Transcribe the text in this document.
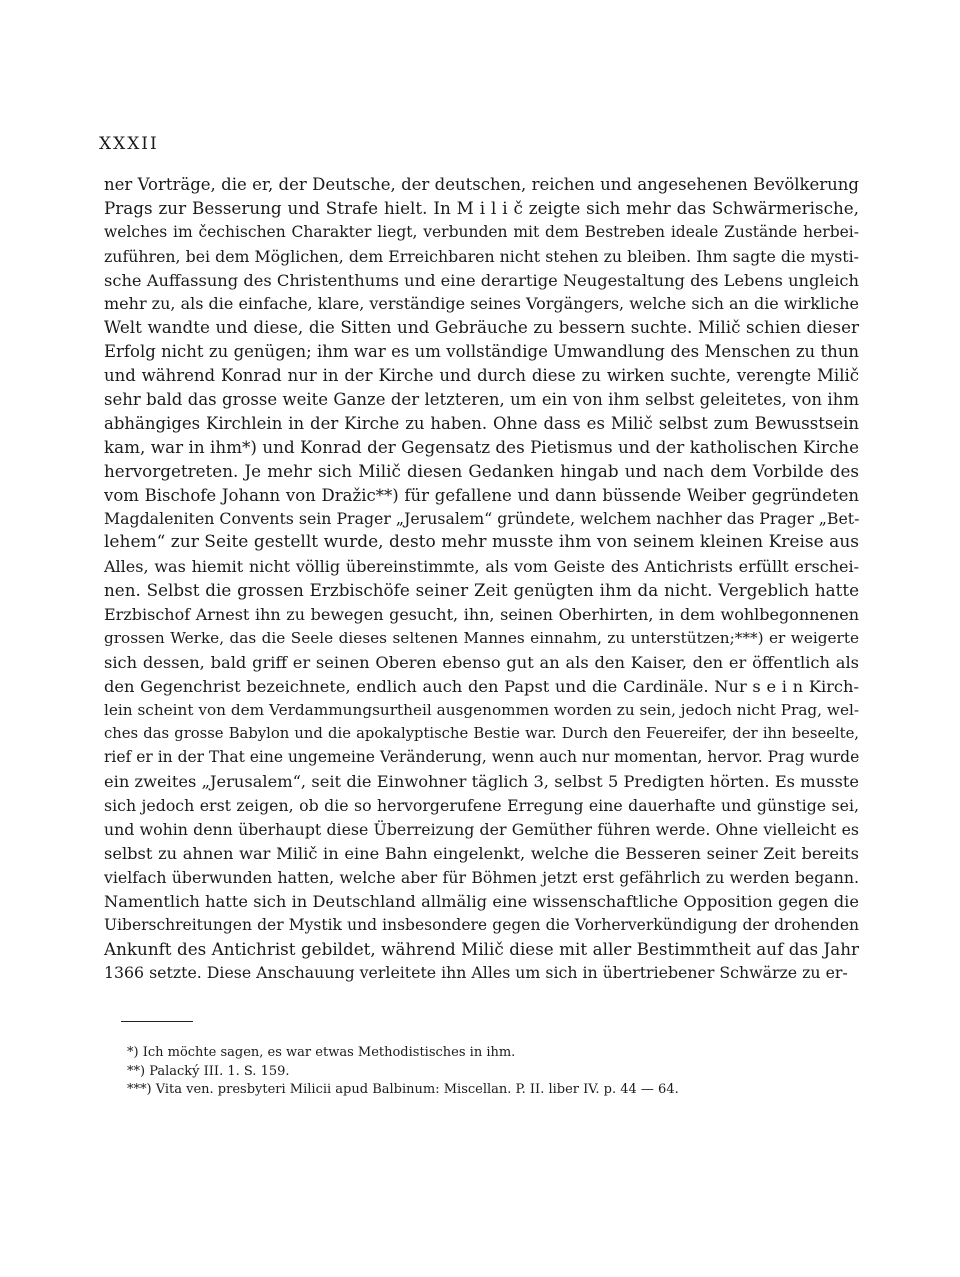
XXXII

ner Vorträge, die er, der Deutsche, der deutschen, reichen und angesehenen Bevölkerung
Prags zur Besserung und Strafe hielt. In M i l i č zeigte sich mehr das Schwärmerische,
welches im čechischen Charakter liegt, verbunden mit dem Bestreben ideale Zustände herbei-
zuführen, bei dem Möglichen, dem Erreichbaren nicht stehen zu bleiben. Ihm sagte die mysti-
sche Auffassung des Christenthums und eine derartige Neugestaltung des Lebens ungleich
mehr zu, als die einfache, klare, verständige seines Vorgängers, welche sich an die wirkliche
Welt wandte und diese, die Sitten und Gebräuche zu bessern suchte. Milič schien dieser
Erfolg nicht zu genügen; ihm war es um vollständige Umwandlung des Menschen zu thun
und während Konrad nur in der Kirche und durch diese zu wirken suchte, verengte Milič
sehr bald das grosse weite Ganze der letzteren, um ein von ihm selbst geleitetes, von ihm
abhängiges Kirchlein in der Kirche zu haben. Ohne dass es Milič selbst zum Bewusstsein
kam, war in ihm*) und Konrad der Gegensatz des Pietismus und der katholischen Kirche
hervorgetreten. Je mehr sich Milič diesen Gedanken hingab und nach dem Vorbilde des
vom Bischofe Johann von Dražic**) für gefallene und dann büssende Weiber gegründeten
Magdaleniten Convents sein Prager „Jerusalem“ gründete, welchem nachher das Prager „Bet-
lehem“ zur Seite gestellt wurde, desto mehr musste ihm von seinem kleinen Kreise aus
Alles, was hiemit nicht völlig übereinstimmte, als vom Geiste des Antichrists erfüllt erschei-
nen. Selbst die grossen Erzbischöfe seiner Zeit genügten ihm da nicht. Vergeblich hatte
Erzbischof Arnest ihn zu bewegen gesucht, ihn, seinen Oberhirten, in dem wohlbegonnenen
grossen Werke, das die Seele dieses seltenen Mannes einnahm, zu unterstützen;***) er weigerte
sich dessen, bald griff er seinen Oberen ebenso gut an als den Kaiser, den er öffentlich als
den Gegenchrist bezeichnete, endlich auch den Papst und die Cardinäle. Nur s e i n Kirch-
lein scheint von dem Verdammungsurtheil ausgenommen worden zu sein, jedoch nicht Prag, wel-
ches das grosse Babylon und die apokalyptische Bestie war. Durch den Feuereifer, der ihn beseelte,
rief er in der That eine ungemeine Veränderung, wenn auch nur momentan, hervor. Prag wurde
ein zweites „Jerusalem“, seit die Einwohner täglich 3, selbst 5 Predigten hörten. Es musste
sich jedoch erst zeigen, ob die so hervorgerufene Erregung eine dauerhafte und günstige sei,
und wohin denn überhaupt diese Überreizung der Gemüther führen werde. Ohne vielleicht es
selbst zu ahnen war Milič in eine Bahn eingelenkt, welche die Besseren seiner Zeit bereits
vielfach überwunden hatten, welche aber für Böhmen jetzt erst gefährlich zu werden begann.
Namentlich hatte sich in Deutschland allmälig eine wissenschaftliche Opposition gegen die
Uiberschreitungen der Mystik und insbesondere gegen die Vorherverkündigung der drohenden
Ankunft des Antichrist gebildet, während Milič diese mit aller Bestimmtheit auf das Jahr
1366 setzte. Diese Anschauung verleitete ihn Alles um sich in übertriebener Schwärze zu er-
*) Ich möchte sagen, es war etwas Methodistisches in ihm.
**) Palacký III. 1. S. 159.
***) Vita ven. presbyteri Milicii apud Balbinum: Miscellan. P. II. liber IV. p. 44 — 64.
